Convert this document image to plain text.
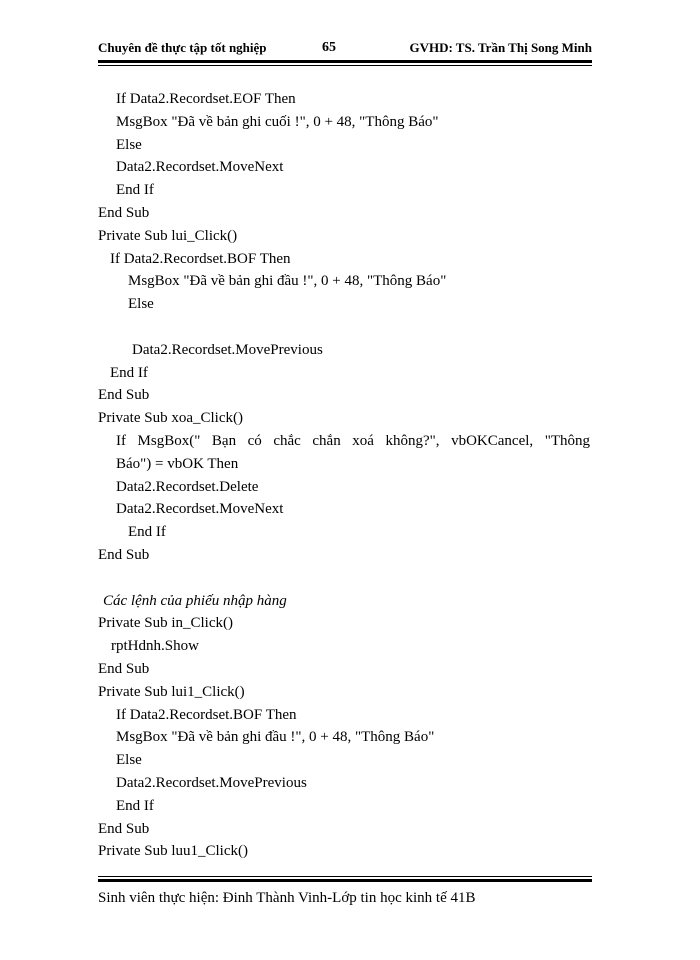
Chuyên đề thực tập tốt nghiệp	65	GVHD: TS. Trần Thị Song Minh
If Data2.Recordset.EOF Then
MsgBox "Đã về bản ghi cuối !", 0 + 48, "Thông Báo"
Else
Data2.Recordset.MoveNext
End If
End Sub
Private Sub lui_Click()
If Data2.Recordset.BOF Then
MsgBox "Đã về bản ghi đầu !", 0 + 48, "Thông Báo"
Else
Data2.Recordset.MovePrevious
End If
End Sub
Private Sub xoa_Click()
If MsgBox(" Bạn có chắc chắn xoá không?", vbOKCancel, "Thông
Báo") = vbOK Then
Data2.Recordset.Delete
Data2.Recordset.MoveNext
End If
End Sub
Các lệnh của phiếu nhập hàng
Private Sub in_Click()
rptHdnh.Show
End Sub
Private Sub lui1_Click()
If Data2.Recordset.BOF Then
MsgBox "Đã về bản ghi đầu !", 0 + 48, "Thông Báo"
Else
Data2.Recordset.MovePrevious
End If
End Sub
Private Sub luu1_Click()
Sinh viên thực hiện: Đinh Thành Vinh-Lớp tin học kinh tế 41B
